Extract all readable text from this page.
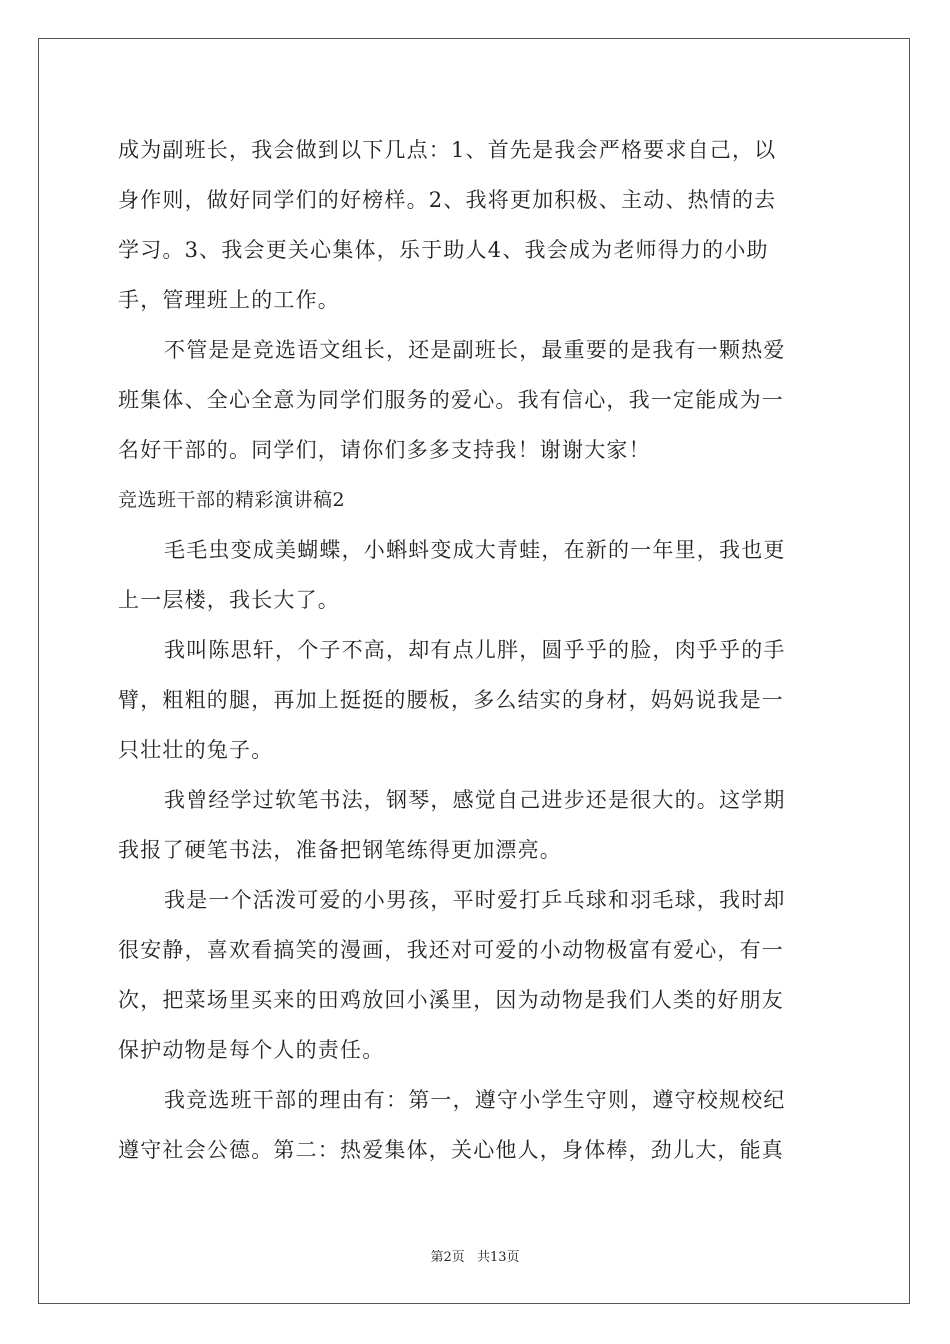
成为副班长，我会做到以下几点：1、首先是我会严格要求自己，以
身作则，做好同学们的好榜样。2、我将更加积极、主动、热情的去
学习。3、我会更关心集体，乐于助人4、我会成为老师得力的小助
手，管理班上的工作。
不管是是竞选语文组长，还是副班长，最重要的是我有一颗热爱
班集体、全心全意为同学们服务的爱心。我有信心，我一定能成为一
名好干部的。同学们，请你们多多支持我！谢谢大家！
竞选班干部的精彩演讲稿2
毛毛虫变成美蝴蝶，小蝌蚪变成大青蛙，在新的一年里，我也更
上一层楼，我长大了。
我叫陈思轩，个子不高，却有点儿胖，圆乎乎的脸，肉乎乎的手
臂，粗粗的腿，再加上挺挺的腰板，多么结实的身材，妈妈说我是一
只壮壮的兔子。
我曾经学过软笔书法，钢琴，感觉自己进步还是很大的。这学期
我报了硬笔书法，准备把钢笔练得更加漂亮。
我是一个活泼可爱的小男孩，平时爱打乒乓球和羽毛球，我时却
很安静，喜欢看搞笑的漫画，我还对可爱的小动物极富有爱心，有一
次，把菜场里买来的田鸡放回小溪里，因为动物是我们人类的好朋友
保护动物是每个人的责任。
我竞选班干部的理由有：第一，遵守小学生守则，遵守校规校纪
遵守社会公德。第二：热爱集体，关心他人，身体棒，劲儿大，能真
第2页 共13页
